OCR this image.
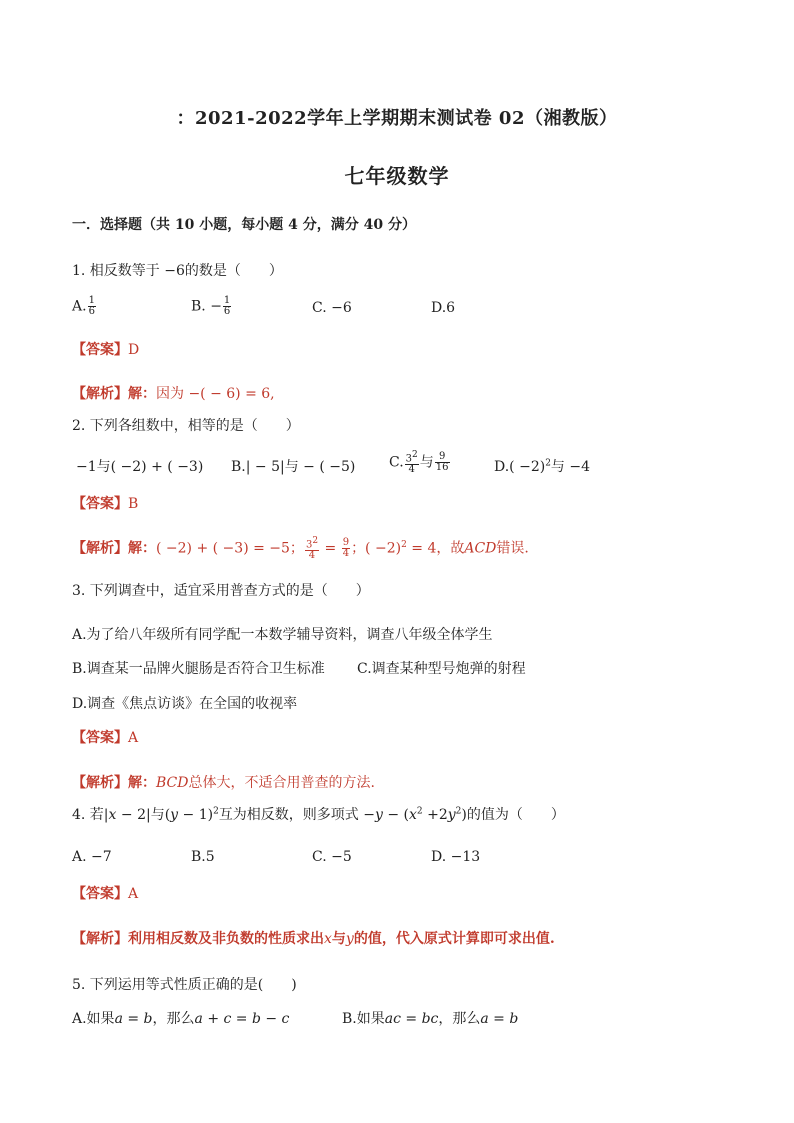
：2021-2022学年上学期期末测试卷 02（湘教版）
七年级数学
一．选择题（共 10 小题，每小题 4 分，满分 40 分）
1. 相反数等于 −6的数是（　　）
A. $\frac{1}{6}$	B. − $\frac{1}{6}$	C. −6	D.6
【答案】D
【解析】解：因为 −( − 6) = 6,
2. 下列各组数中，相等的是（　　）
−1与( −2) + ( −3) B.| − 5|与 − ( −5) C. $\frac{3^2}{4}$ 与 $\frac{9}{16}$	$D.( -2)^2$与 −4
【答案】B
【解析】解：( −2) + ( −3) = −5； $\frac{3^2}{4} = \frac{9}{4}$ ；( −2)$^2$ = 4，故ACD错误.
3. 下列调查中，适宜采用普查方式的是（　　）
A.为了给八年级所有同学配一本数学辅导资料，调查八年级全体学生
B.调查某一品牌火腿肠是否符合卫生标准 C.调查某种型号炮弹的射程
D.调查《焦点访谈》在全国的收视率
【答案】A
【解析】解：BCD总体大，不适合用普查的方法.
4. 若|x − 2|与$(y - 1)^2$互为相反数，则多项式 $-y - (x^2 +2y^2)$的值为（　　）
A. −7	B.5	C. −5	D. −13
【答案】A
【解析】利用相反数及非负数的性质求出x与y的值，代入原式计算即可求出值.
5. 下列运用等式性质正确的是(　　)
A.如果a = b，那么a + c = b − c	B.如果ac = bc，那么a = b
